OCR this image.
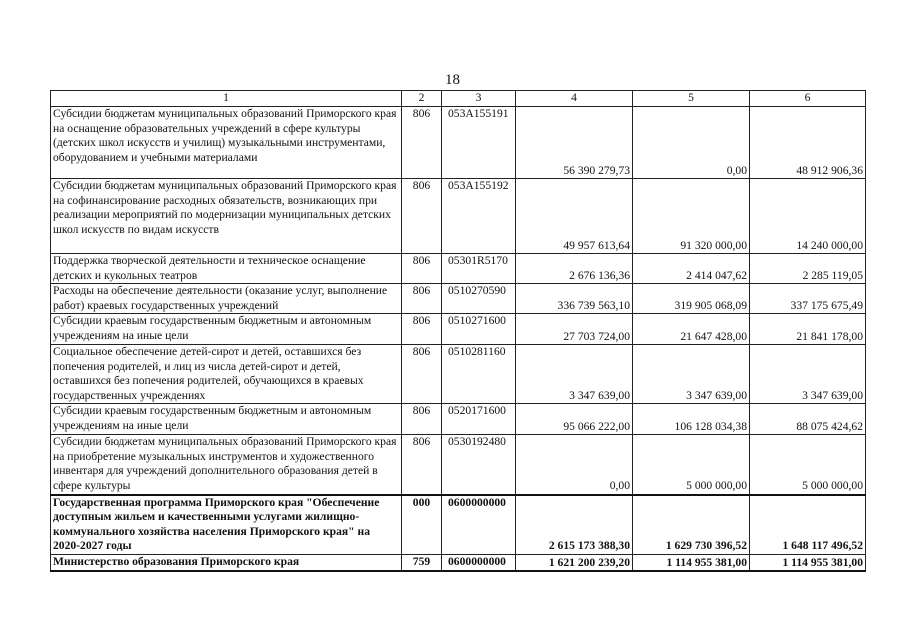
18
1	2	3	4	5	6
Субсидии бюджетам муниципальных образований Приморского края на оснащение образовательных учреждений в сфере культуры (детских школ искусств и училищ) музыкальными инструментами, оборудованием и учебными материалами	806	053A155191	56 390 279,73	0,00	48 912 906,36
Субсидии бюджетам муниципальных образований Приморского края на софинансирование расходных обязательств, возникающих при реализации мероприятий по модернизации муниципальных детских школ искусств по видам искусств	806	053A155192	49 957 613,64	91 320 000,00	14 240 000,00
Поддержка творческой деятельности и техническое оснащение детских и кукольных театров	806	05301R5170	2 676 136,36	2 414 047,62	2 285 119,05
Расходы на обеспечение деятельности (оказание услуг, выполнение работ) краевых государственных учреждений	806	0510270590	336 739 563,10	319 905 068,09	337 175 675,49
Субсидии краевым государственным бюджетным и автономным учреждениям на иные цели	806	0510271600	27 703 724,00	21 647 428,00	21 841 178,00
Социальное обеспечение детей-сирот и детей, оставшихся без попечения родителей, и лиц из числа детей-сирот и детей, оставшихся без попечения родителей, обучающихся в краевых государственных учреждениях	806	0510281160	3 347 639,00	3 347 639,00	3 347 639,00
Субсидии краевым государственным бюджетным и автономным учреждениям на иные цели	806	0520171600	95 066 222,00	106 128 034,38	88 075 424,62
Субсидии бюджетам муниципальных образований Приморского края на приобретение музыкальных инструментов и художественного инвентаря для учреждений дополнительного образования детей в сфере культуры	806	0530192480	0,00	5 000 000,00	5 000 000,00
Государственная программа Приморского края "Обеспечение доступным жильем и качественными услугами жилищно-коммунального хозяйства населения Приморского края" на 2020-2027 годы	000	0600000000	2 615 173 388,30	1 629 730 396,52	1 648 117 496,52
Министерство образования Приморского края	759	0600000000	1 621 200 239,20	1 114 955 381,00	1 114 955 381,00
